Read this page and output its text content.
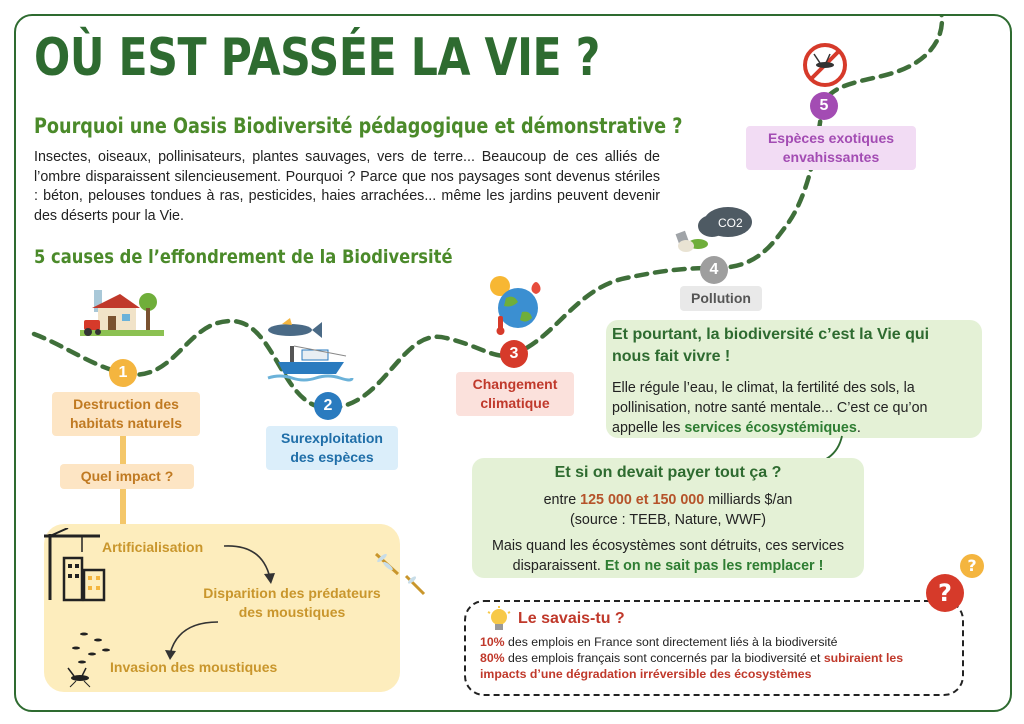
OÙ EST PASSÉE LA VIE ?
Pourquoi une Oasis Biodiversité pédagogique et démonstrative ?
Insectes, oiseaux, pollinisateurs, plantes sauvages, vers de terre... Beaucoup de ces alliés de l’ombre disparaissent silencieusement. Pourquoi ? Parce que nos paysages sont devenus stériles : béton, pelouses tondues à ras, pesticides, haies arrachées... même les jardins peuvent devenir des déserts pour la Vie.
5 causes de l’effondrement de la Biodiversité
CO2
1
2
3
4
5
Destruction des
habitats naturels
Surexploitation
des espèces
Changement
climatique
Pollution
Espèces exotiques
envahissantes
Quel impact ?
Artificialisation
Disparition des prédateurs
des moustiques
Invasion des moustiques
Et pourtant, la biodiversité c’est la Vie qui
nous fait vivre !
Elle régule l’eau, le climat, la fertilité des sols, la
pollinisation, notre santé mentale... C’est ce qu’on
appelle les services écosystémiques.
Et si on devait payer tout ça ?
entre 125 000 et 150 000 milliards $/an
(source : TEEB, Nature, WWF)
Mais quand les écosystèmes sont détruits, ces services
disparaissent. Et on ne sait pas les remplacer !
Le savais-tu ?
10% des emplois en France sont directement liés à la biodiversité
80% des emplois français sont concernés par la biodiversité et subiraient les
impacts d’une dégradation irréversible des écosystèmes
?
?
